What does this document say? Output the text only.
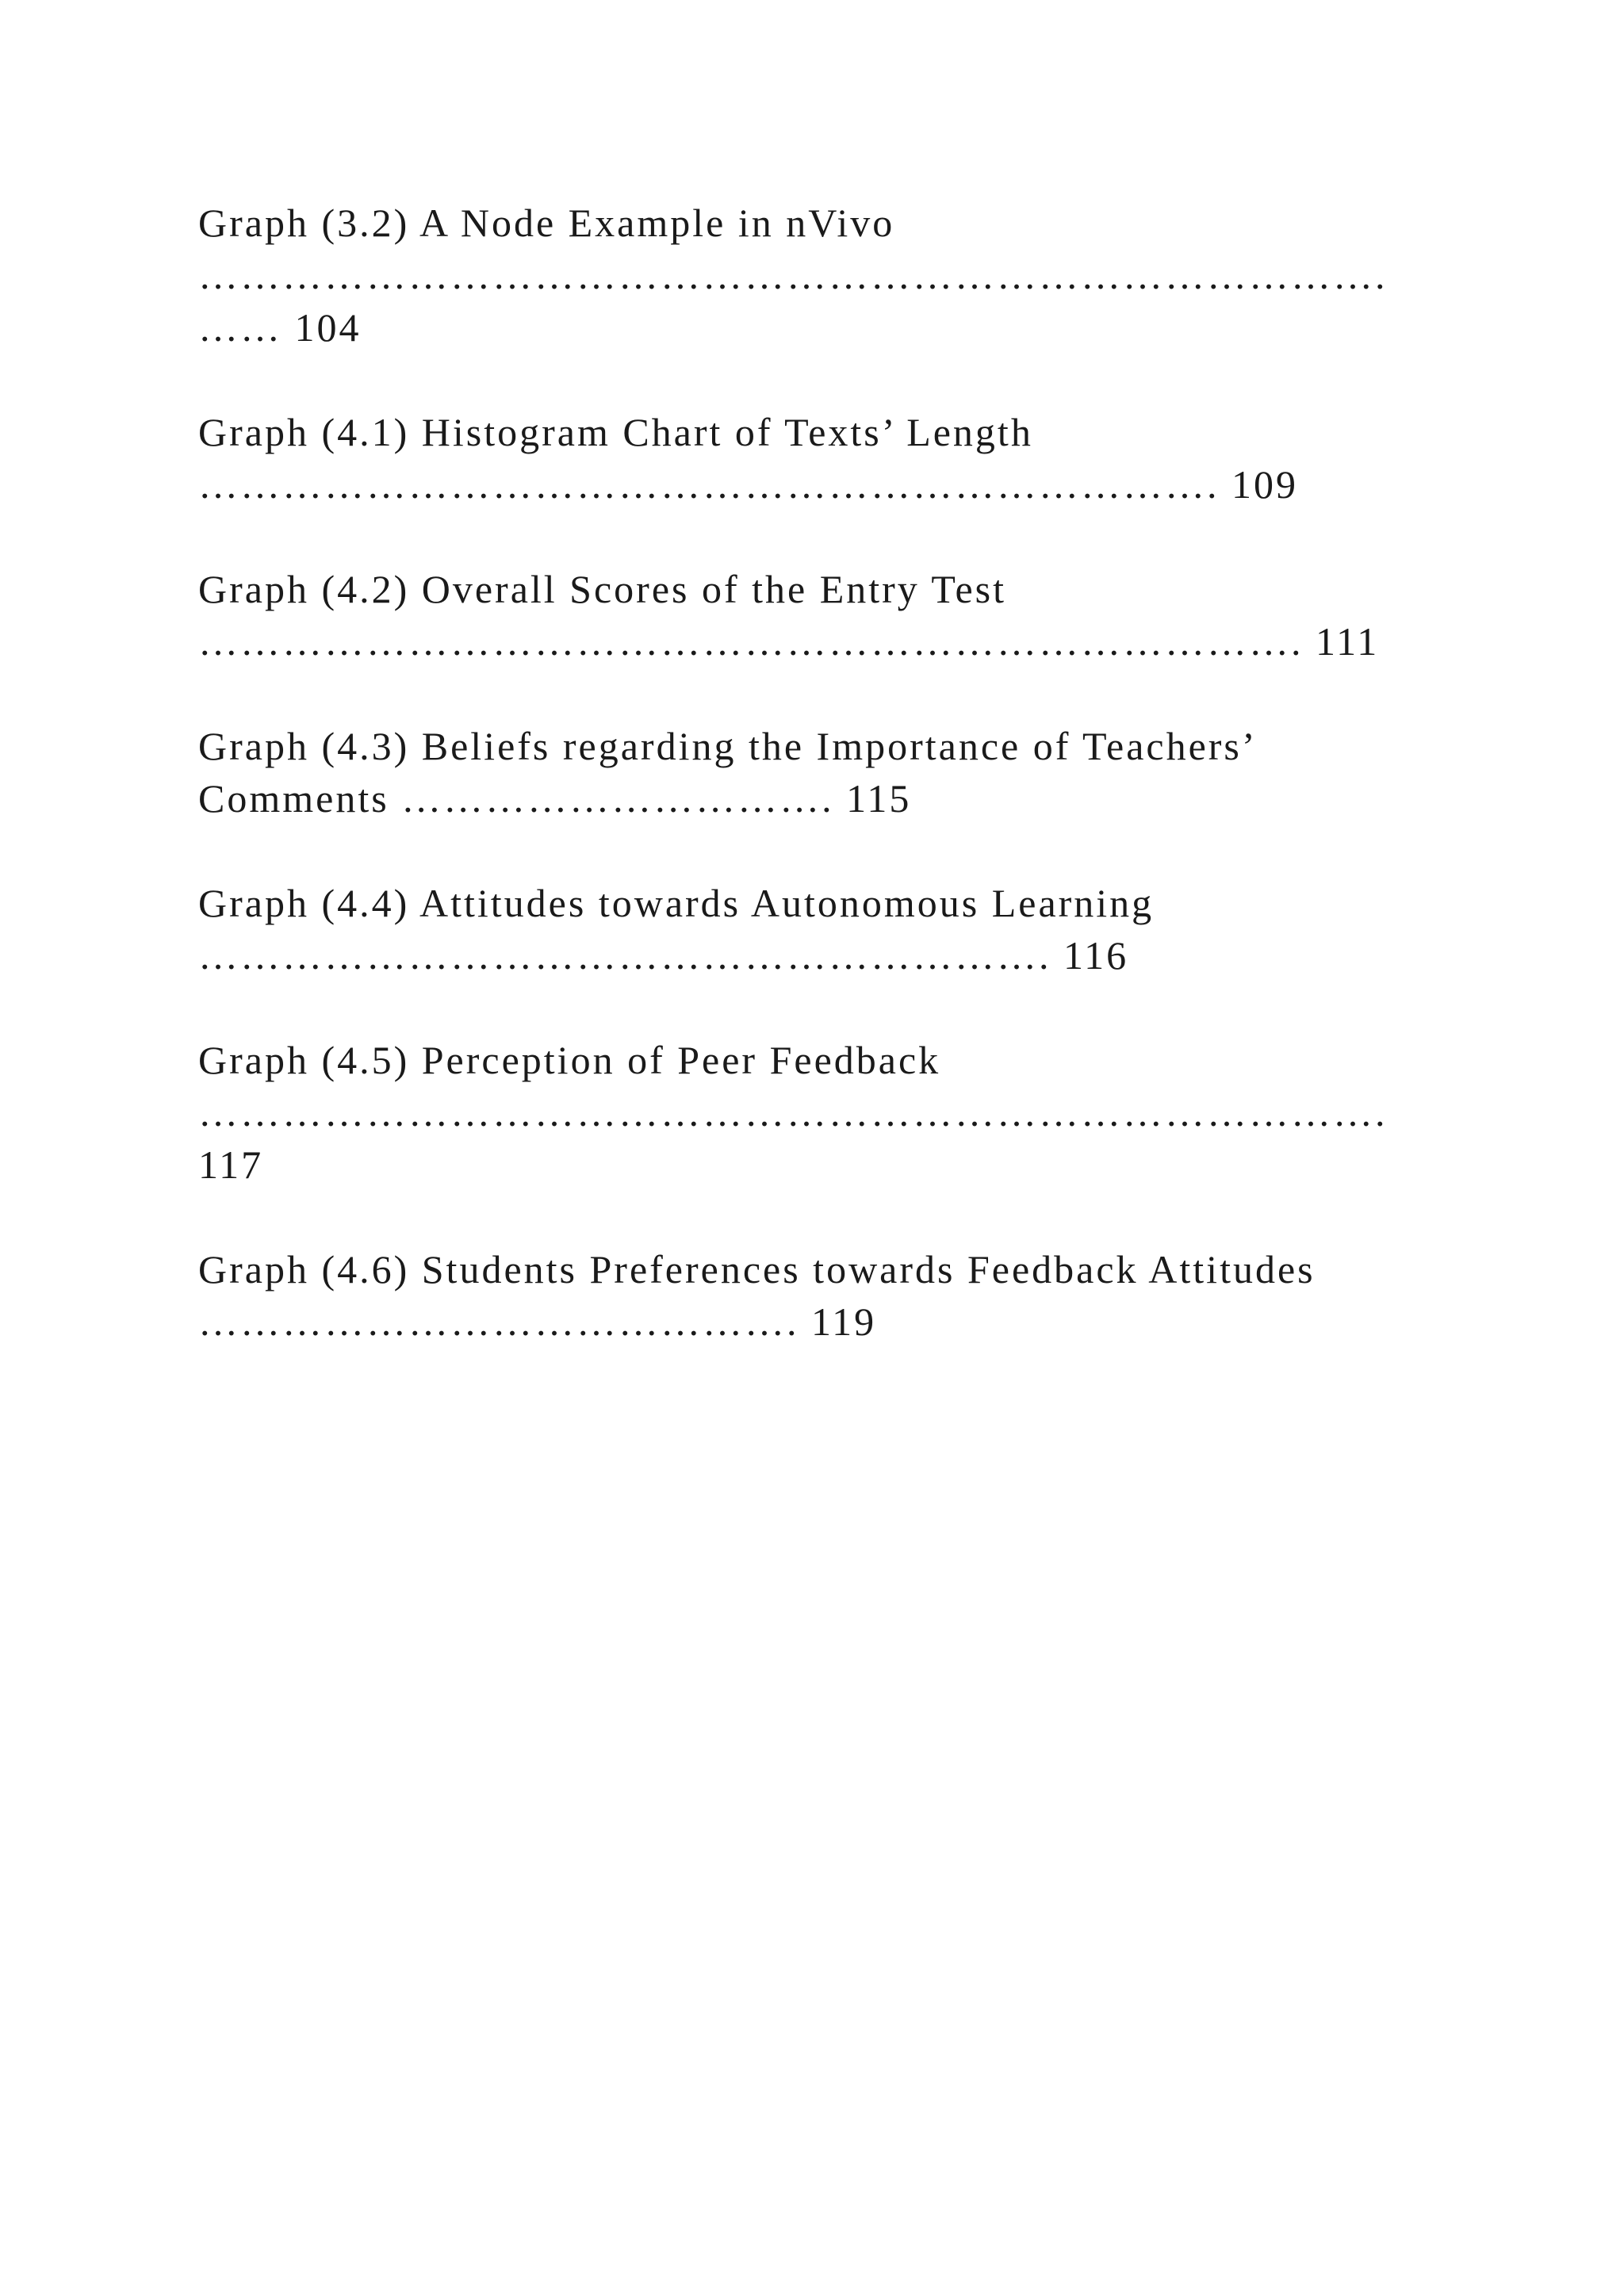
Graph (3.2) A Node Example in nVivo
………………………………………………………………………….
…… 104
Graph (4.1) Histogram Chart of Texts’ Length
………………………………………………………………. 109
Graph (4.2) Overall Scores of the Entry Test
……………………………………………………………………. 111
Graph (4.3) Beliefs regarding the Importance of Teachers’
Comments …………………………. 115
Graph (4.4) Attitudes towards Autonomous Learning
……………………………………………………. 116
Graph (4.5) Perception of Peer Feedback
………………………………………………………………………….
117
Graph (4.6) Students Preferences towards Feedback Attitudes
……………………………………. 119
